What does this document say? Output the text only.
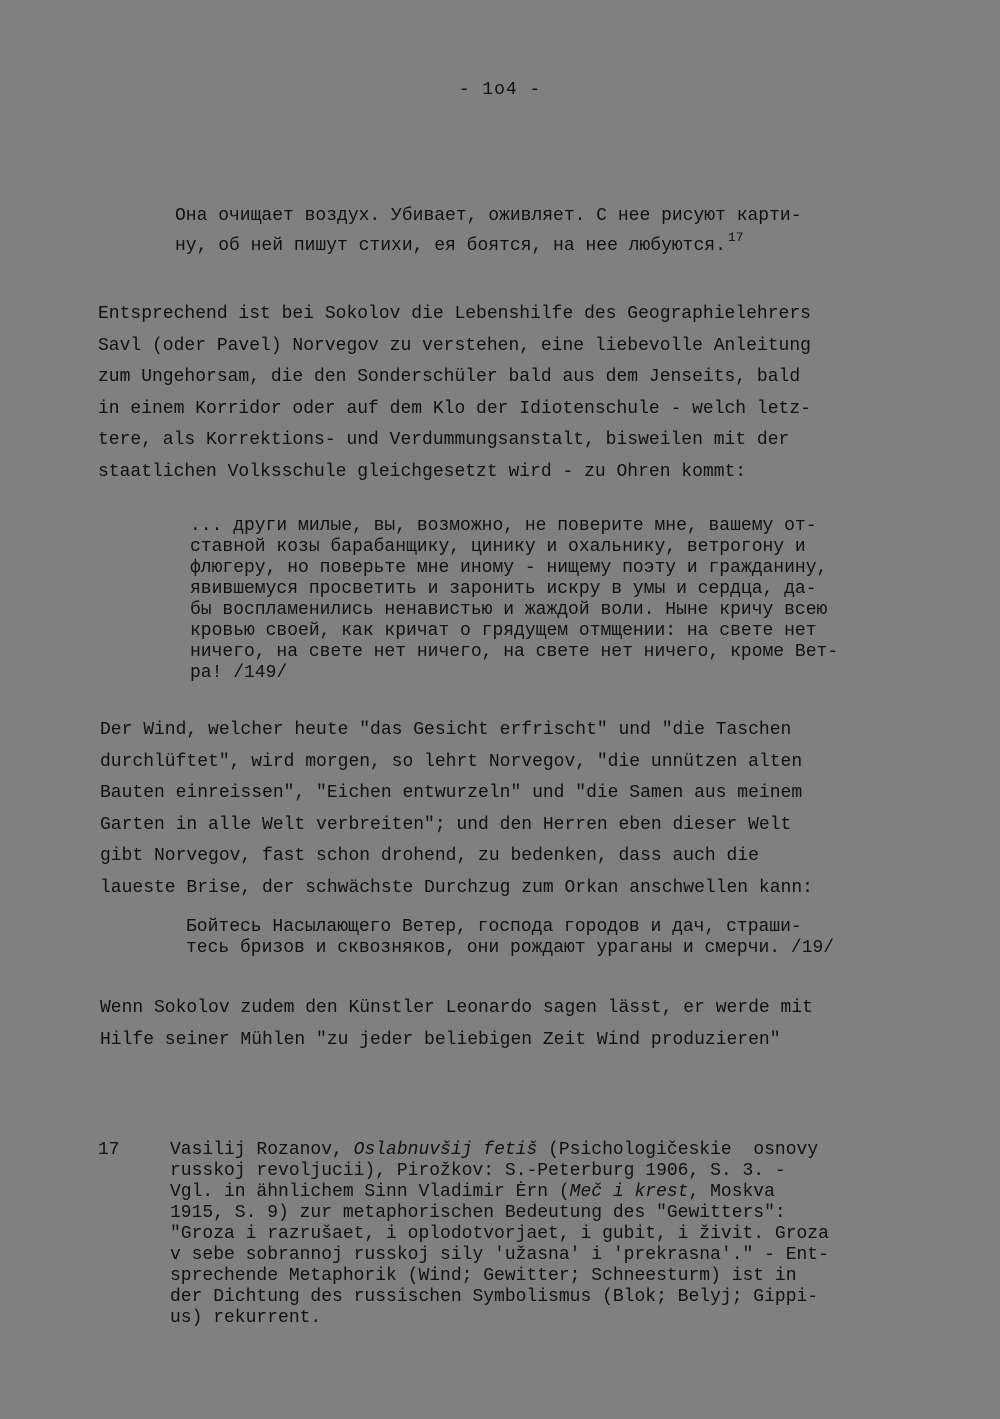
- 1o4 -
Она очищает воздух. Убивает, оживляет. С нее рисуют карти-
ну, об ней пишут стихи, ея боятся, на нее любуются. $^{17}$
Entsprechend ist bei Sokolov die Lebenshilfe des Geographielehrers
Savl (oder Pavel) Norvegov zu verstehen, eine liebevolle Anleitung
zum Ungehorsam, die den Sonderschüler bald aus dem Jenseits, bald
in einem Korridor oder auf dem Klo der Idiotenschule - welch letz-
tere, als Korrektions- und Verdummungsanstalt, bisweilen mit der
staatlichen Volksschule gleichgesetzt wird - zu Ohren kommt:
... други милые, вы, возможно, не поверите мне, вашему от-
ставной козы барабанщику, цинику и охальнику, ветрогону и
флюгеру, но поверьте мне иному - нищему поэту и гражданину,
явившемуся просветить и заронить искру в умы и сердца, да-
бы воспламенились ненавистью и жаждой воли. Ныне кричу всею
кровью своей, как кричат о грядущем отмщении: на свете нет
ничего, на свете нет ничего, на свете нет ничего, кроме Вет-
ра! /149/
Der Wind, welcher heute "das Gesicht erfrischt" und "die Taschen
durchlüftet", wird morgen, so lehrt Norvegov, "die unnützen alten
Bauten einreissen", "Eichen entwurzeln" und "die Samen aus meinem
Garten in alle Welt verbreiten"; und den Herren eben dieser Welt
gibt Norvegov, fast schon drohend, zu bedenken, dass auch die
laueste Brise, der schwächste Durchzug zum Orkan anschwellen kann:
Бойтесь Насылающего Ветер, господа городов и дач, страши-
тесь бризов и сквозняков, они рождают ураганы и смерчи. /19/
Wenn Sokolov zudem den Künstler Leonardo sagen lässt, er werde mit
Hilfe seiner Mühlen "zu jeder beliebigen Zeit Wind produzieren"
17	Vasilij Rozanov, Oslabnuvšij fetiš (Psichologičeskie  osnovy
russkoj revoljucii), Pirožkov: S.-Peterburg 1906, S. 3. -
Vgl. in ähnlichem Sinn Vladimir Ėrn (Meč i krest, Moskva
1915, S. 9) zur metaphorischen Bedeutung des "Gewitters":
"Groza i razrušaet, i oplodotvorjaet, i gubit, i živit. Groza
v sebe sobrannoj russkoj sily 'užasna' i 'prekrasna'." - Ent-
sprechende Metaphorik (Wind; Gewitter; Schneesturm) ist in
der Dichtung des russischen Symbolismus (Blok; Belyj; Gippi-
us) rekurrent.
